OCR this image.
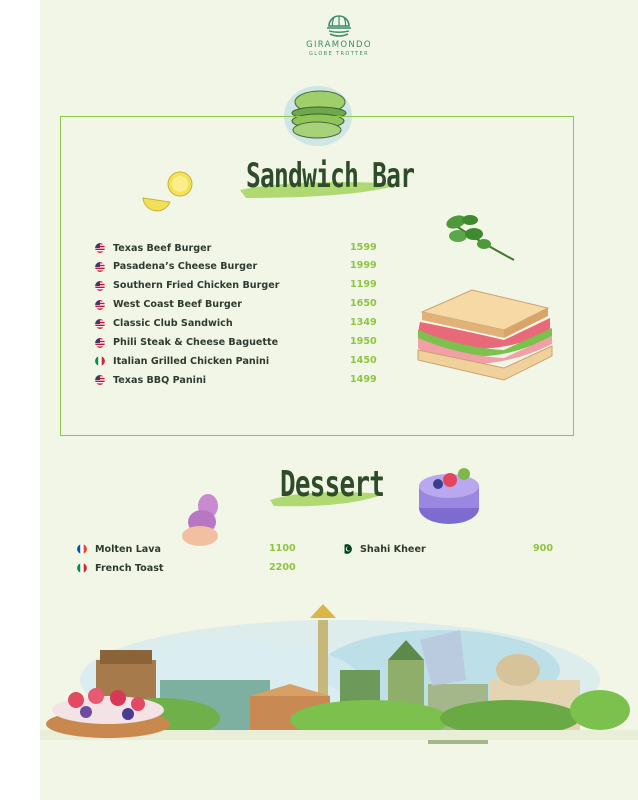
GIRAMONDO
GLOBE TROTTER
Sandwich Bar
Texas Beef Burger	1599
Pasadena’s Cheese Burger	1999
Southern Fried Chicken Burger	1199
West Coast Beef Burger	1650
Classic Club Sandwich	1349
Phili Steak & Cheese Baguette	1950
Italian Grilled Chicken Panini	1450
Texas BBQ Panini	1499
Dessert
Molten Lava	1100
French Toast	2200
Shahi Kheer	900
